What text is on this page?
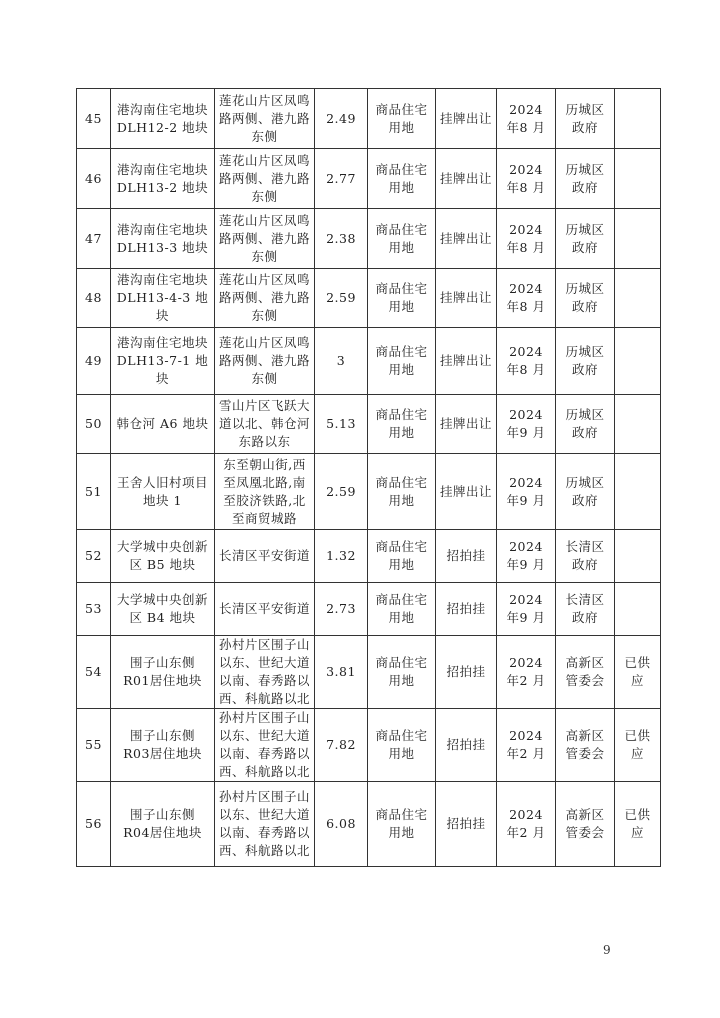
45	港沟南住宅地块DLH12-2 地块	莲花山片区凤鸣路两侧、港九路东侧	2.49	商品住宅用地	挂牌出让	2024 年8 月	历城区政府	
46	港沟南住宅地块DLH13-2 地块	莲花山片区凤鸣路两侧、港九路东侧	2.77	商品住宅用地	挂牌出让	2024 年8 月	历城区政府	
47	港沟南住宅地块DLH13-3 地块	莲花山片区凤鸣路两侧、港九路东侧	2.38	商品住宅用地	挂牌出让	2024 年8 月	历城区政府	
48	港沟南住宅地块DLH13-4-3 地块	莲花山片区凤鸣路两侧、港九路东侧	2.59	商品住宅用地	挂牌出让	2024 年8 月	历城区政府	
49	港沟南住宅地块DLH13-7-1 地块	莲花山片区凤鸣路两侧、港九路东侧	3	商品住宅用地	挂牌出让	2024 年8 月	历城区政府	
50	韩仓河 A6 地块	雪山片区飞跃大道以北、韩仓河东路以东	5.13	商品住宅用地	挂牌出让	2024 年9 月	历城区政府	
51	王舍人旧村项目地块 1	东至朝山街,西至凤凰北路,南至胶济铁路,北至商贸城路	2.59	商品住宅用地	挂牌出让	2024 年9 月	历城区政府	
52	大学城中央创新区 B5 地块	长清区平安街道	1.32	商品住宅用地	招拍挂	2024 年9 月	长清区政府	
53	大学城中央创新区 B4 地块	长清区平安街道	2.73	商品住宅用地	招拍挂	2024 年9 月	长清区政府	
54	围子山东侧 R01居住地块	孙村片区围子山以东、世纪大道以南、春秀路以西、科航路以北	3.81	商品住宅用地	招拍挂	2024 年2 月	高新区管委会	已供应
55	围子山东侧 R03居住地块	孙村片区围子山以东、世纪大道以南、春秀路以西、科航路以北	7.82	商品住宅用地	招拍挂	2024 年2 月	高新区管委会	已供应
56	围子山东侧 R04居住地块	孙村片区围子山以东、世纪大道以南、春秀路以西、科航路以北	6.08	商品住宅用地	招拍挂	2024 年2 月	高新区管委会	已供应
9
